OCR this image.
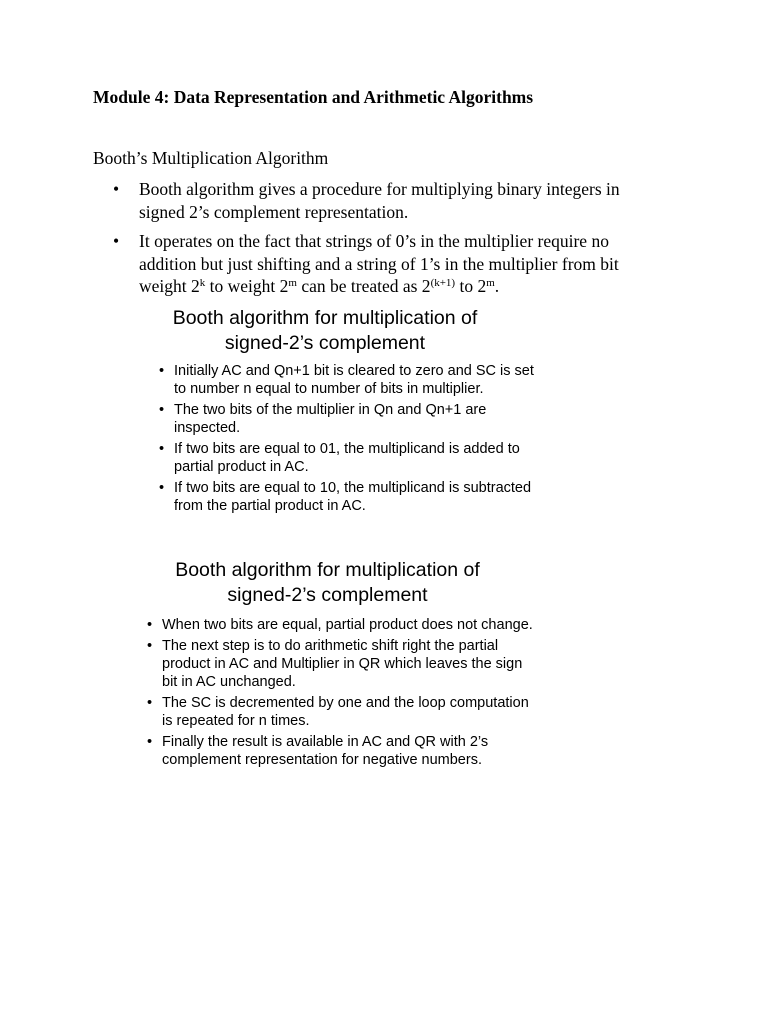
Module 4: Data Representation and Arithmetic Algorithms
Booth’s Multiplication Algorithm
• Booth algorithm gives a procedure for multiplying binary integers in signed 2’s complement representation.
• It operates on the fact that strings of 0’s in the multiplier require no addition but just shifting and a string of 1’s in the multiplier from bit weight 2$^k$ to weight 2$^m$ can be treated as $2^{(k+1)}$ to 2$^m$.
Booth algorithm for multiplication of
signed-2’s complement
• Initially AC and Qn+1 bit is cleared to zero and SC is set to number n equal to number of bits in multiplier.
• The two bits of the multiplier in Qn and Qn+1 are inspected.
• If two bits are equal to 01, the multiplicand is added to partial product in AC.
• If two bits are equal to 10, the multiplicand is subtracted from the partial product in AC.
Booth algorithm for multiplication of
signed-2’s complement
• When two bits are equal, partial product does not change.
• The next step is to do arithmetic shift right the partial product in AC and Multiplier in QR which leaves the sign bit in AC unchanged.
• The SC is decremented by one and the loop computation is repeated for n times.
• Finally the result is available in AC and QR with 2’s complement representation for negative numbers.
